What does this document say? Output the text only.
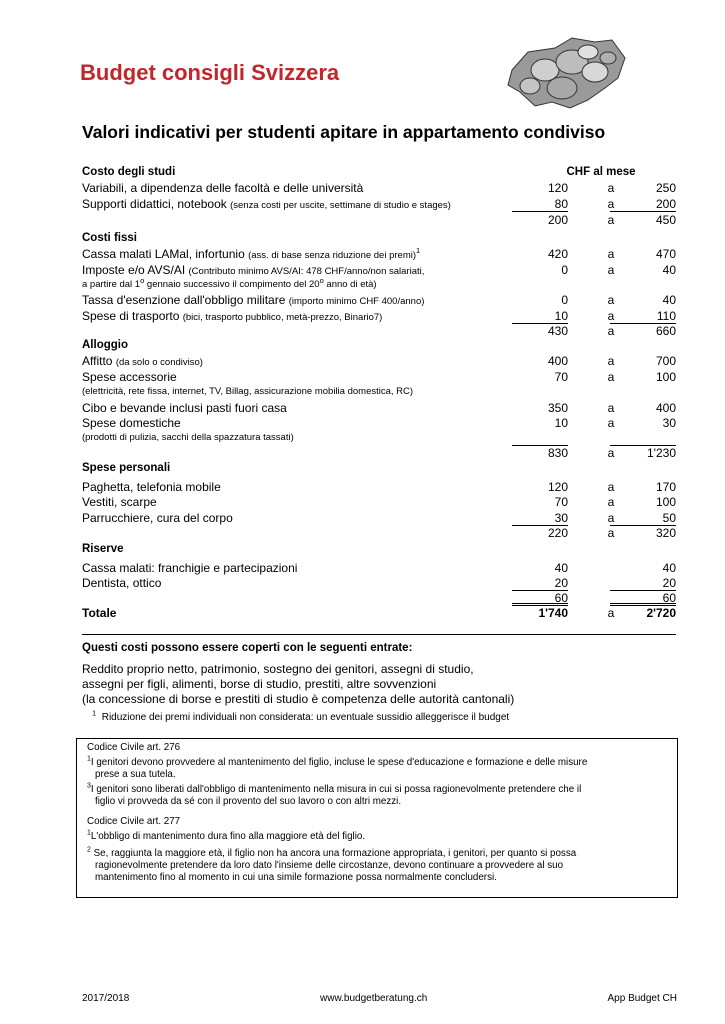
Budget consigli Svizzera
Valori indicativi per studenti apitare in appartamento condiviso
Costo degli studi	CHF al mese
Variabili, a dipendenza delle facoltà e delle università	120	a	250
Supporti didattici, notebook (senza costi per uscite, settimane di studio e stages)	80	a	200
200	a	450
Costi fissi
Cassa malati LAMal, infortunio (ass. di base senza riduzione dei premi)$^1$	420	a	470
Imposte e/o AVS/AI (Contributo minimo AVS/AI: 478 CHF/anno/non salariati,	0	a	40
a partire dal 1$^o$ gennaio successivo il compimento del 20$^o$ anno di età)
Tassa d'esenzione dall'obbligo militare (importo minimo CHF 400/anno)	0	a	40
Spese di trasporto (bici, trasporto pubblico, metà-prezzo, Binario7)	10	a	110
430	a	660
Alloggio
Affitto (da solo o condiviso)	400	a	700
Spese accessorie	70	a	100
(elettricità, rete fissa, internet, TV, Billag, assicurazione mobilia domestica, RC)
Cibo e bevande inclusi pasti fuori casa	350	a	400
Spese domestiche	10	a	30
(prodotti di pulizia, sacchi della spazzatura tassati)
830	a	1'230
Spese personali
Paghetta, telefonia mobile	120	a	170
Vestiti, scarpe	70	a	100
Parrucchiere, cura del corpo	30	a	50
220	a	320
Riserve
Cassa malati: franchigie e partecipazioni	40	40
Dentista, ottico	20	20
60	60
Totale	1'740	a	2'720
Questi costi possono essere coperti con le seguenti entrate:
Reddito proprio netto, patrimonio, sostegno dei genitori, assegni di studio,
assegni per figli, alimenti, borse di studio, prestiti, altre sovvenzioni
(la concessione di borse e prestiti di studio è competenza delle autorità cantonali)
$^1$ Riduzione dei premi individuali non considerata: un eventuale sussidio alleggerisce il budget
Codice Civile art. 276
$^1$I genitori devono provvedere al mantenimento del figlio, incluse le spese d'educazione e formazione e delle misure
prese a sua tutela.
$^3$I genitori sono liberati dall'obbligo di mantenimento nella misura in cui si possa ragionevolmente pretendere che il
figlio vi provveda da sé con il provento del suo lavoro o con altri mezzi.
Codice Civile art. 277
$^1$L'obbligo di mantenimento dura fino alla maggiore età del figlio.
$^2$ Se, raggiunta la maggiore età, il figlio non ha ancora una formazione appropriata, i genitori, per quanto si possa
ragionevolmente pretendere da loro dato l'insieme delle circostanze, devono continuare a provvedere al suo
mantenimento fino al momento in cui una simile formazione possa normalmente concludersi.
2017/2018	www.budgetberatung.ch	App Budget CH
